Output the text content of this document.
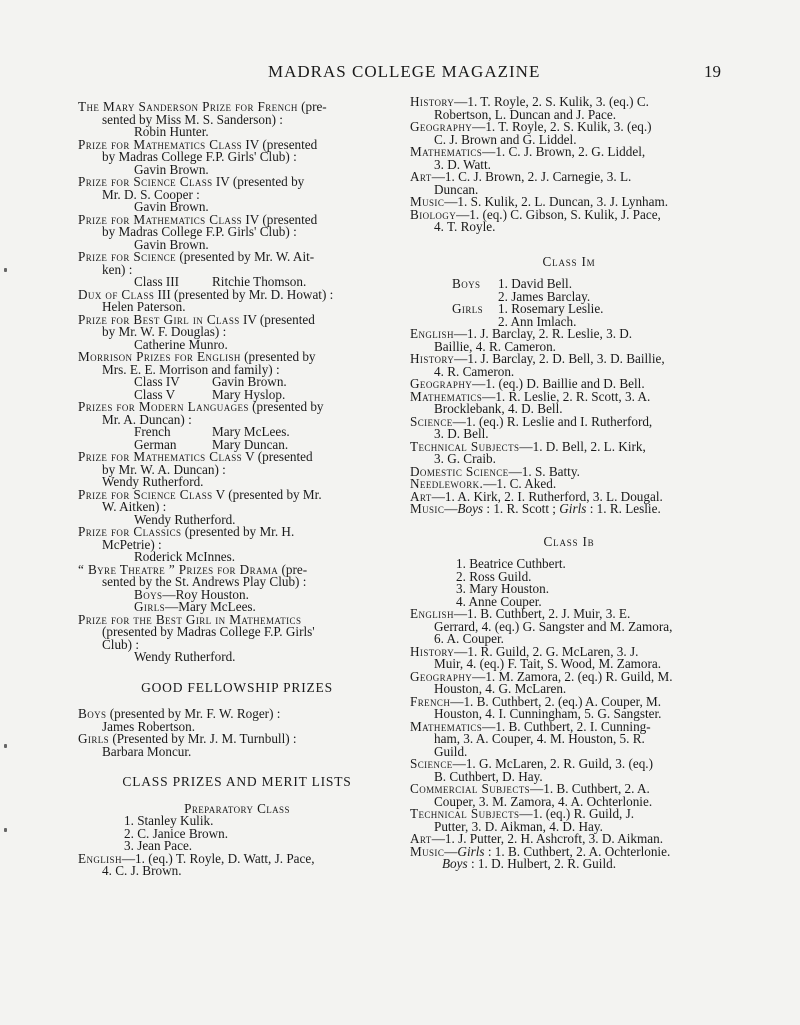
MADRAS COLLEGE MAGAZINE	19
The Mary Sanderson Prize for French (pre-
sented by Miss M. S. Sanderson) :
Robin Hunter.
Prize for Mathematics Class IV (presented
by Madras College F.P. Girls' Club) :
Gavin Brown.
Prize for Science Class IV (presented by
Mr. D. S. Cooper :
Gavin Brown.
Prize for Mathematics Class IV (presented
by Madras College F.P. Girls' Club) :
Gavin Brown.
Prize for Science (presented by Mr. W. Ait-
ken) :
Class III Ritchie Thomson.
Dux of Class III (presented by Mr. D. Howat) :
Helen Paterson.
Prize for Best Girl in Class IV (presented
by Mr. W. F. Douglas) :
Catherine Munro.
Morrison Prizes for English (presented by
Mrs. E. E. Morrison and family) :
Class IV Gavin Brown.
Class V	Mary Hyslop.
Prizes for Modern Languages (presented by
Mr. A. Duncan) :
French	Mary McLees.
German	Mary Duncan.
Prize for Mathematics Class V (presented
by Mr. W. A. Duncan) :
Wendy Rutherford.
Prize for Science Class V (presented by Mr.
W. Aitken) :
Wendy Rutherford.
Prize for Classics (presented by Mr. H.
McPetrie) :
Roderick McInnes.
“ Byre Theatre ” Prizes for Drama (pre-
sented by the St. Andrews Play Club) :
Boys—Roy Houston.
Girls—Mary McLees.
Prize for the Best Girl in Mathematics
(presented by Madras College F.P. Girls'
Club) :
Wendy Rutherford.
GOOD FELLOWSHIP PRIZES
Boys (presented by Mr. F. W. Roger) :
James Robertson.
Girls (Presented by Mr. J. M. Turnbull) :
Barbara Moncur.
CLASS PRIZES AND MERIT LISTS
Preparatory Class
1. Stanley Kulik.
2. C. Janice Brown.
3. Jean Pace.
English—1. (eq.) T. Royle, D. Watt, J. Pace,
4. C. J. Brown.
History—1. T. Royle, 2. S. Kulik, 3. (eq.) C.
Robertson, L. Duncan and J. Pace.
Geography—1. T. Royle, 2. S. Kulik, 3. (eq.)
C. J. Brown and G. Liddel.
Mathematics—1. C. J. Brown, 2. G. Liddel,
3. D. Watt.
Art—1. C. J. Brown, 2. J. Carnegie, 3. L.
Duncan.
Music—1. S. Kulik, 2. L. Duncan, 3. J. Lynham.
Biology—1. (eq.) C. Gibson, S. Kulik, J. Pace,
4. T. Royle.
Class Im
Boys 1. David Bell.
2. James Barclay.
Girls 1. Rosemary Leslie.
2. Ann Imlach.
English—1. J. Barclay, 2. R. Leslie, 3. D.
Baillie, 4. R. Cameron.
History—1. J. Barclay, 2. D. Bell, 3. D. Baillie,
4. R. Cameron.
Geography—1. (eq.) D. Baillie and D. Bell.
Mathematics—1. R. Leslie, 2. R. Scott, 3. A.
Brocklebank, 4. D. Bell.
Science—1. (eq.) R. Leslie and I. Rutherford,
3. D. Bell.
Technical Subjects—1. D. Bell, 2. L. Kirk,
3. G. Craib.
Domestic Science—1. S. Batty.
Needlework.—1. C. Aked.
Art—1. A. Kirk, 2. I. Rutherford, 3. L. Dougal.
Music—Boys : 1. R. Scott ; Girls : 1. R. Leslie.
Class Ib
1. Beatrice Cuthbert.
2. Ross Guild.
3. Mary Houston.
4. Anne Couper.
English—1. B. Cuthbert, 2. J. Muir, 3. E.
Gerrard, 4. (eq.) G. Sangster and M. Zamora,
6. A. Couper.
History—1. R. Guild, 2. G. McLaren, 3. J.
Muir, 4. (eq.) F. Tait, S. Wood, M. Zamora.
Geography—1. M. Zamora, 2. (eq.) R. Guild, M.
Houston, 4. G. McLaren.
French—1. B. Cuthbert, 2. (eq.) A. Couper, M.
Houston, 4. I. Cunningham, 5. G. Sangster.
Mathematics—1. B. Cuthbert, 2. I. Cunning-
ham, 3. A. Couper, 4. M. Houston, 5. R.
Guild.
Science—1. G. McLaren, 2. R. Guild, 3. (eq.)
B. Cuthbert, D. Hay.
Commercial Subjects—1. B. Cuthbert, 2. A.
Couper, 3. M. Zamora, 4. A. Ochterlonie.
Technical Subjects—1. (eq.) R. Guild, J.
Putter, 3. D. Aikman, 4. D. Hay.
Art—1. J. Putter, 2. H. Ashcroft, 3. D. Aikman.
Music—Girls : 1. B. Cuthbert, 2. A. Ochterlonie.
Boys : 1. D. Hulbert, 2. R. Guild.
